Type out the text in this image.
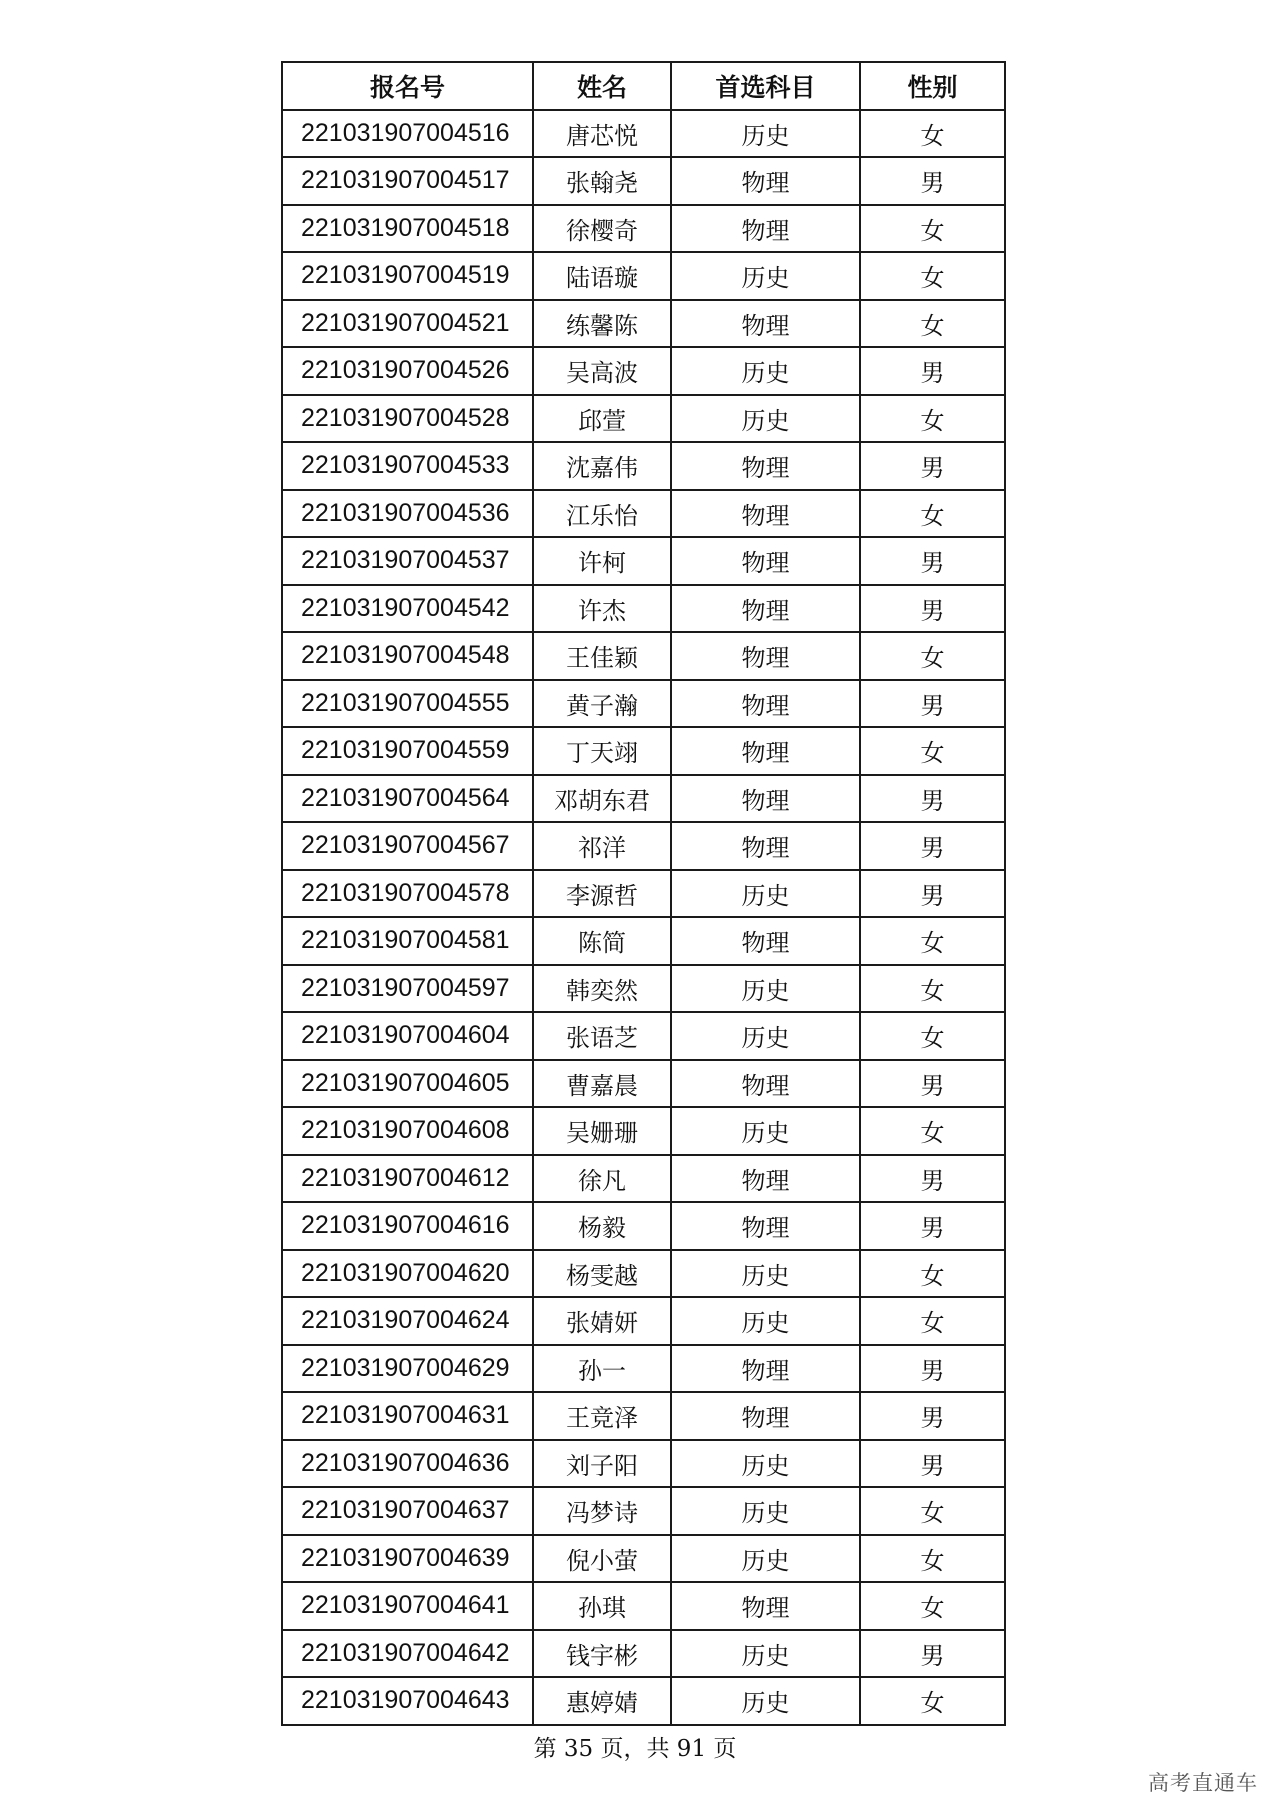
报名号	姓名	首选科目	性别
221031907004516	唐芯悦	历史	女
221031907004517	张翰尧	物理	男
221031907004518	徐樱奇	物理	女
221031907004519	陆语璇	历史	女
221031907004521	练馨陈	物理	女
221031907004526	吴高波	历史	男
221031907004528	邱萱	历史	女
221031907004533	沈嘉伟	物理	男
221031907004536	江乐怡	物理	女
221031907004537	许柯	物理	男
221031907004542	许杰	物理	男
221031907004548	王佳颖	物理	女
221031907004555	黄子瀚	物理	男
221031907004559	丁天翊	物理	女
221031907004564	邓胡东君	物理	男
221031907004567	祁洋	物理	男
221031907004578	李源哲	历史	男
221031907004581	陈简	物理	女
221031907004597	韩奕然	历史	女
221031907004604	张语芝	历史	女
221031907004605	曹嘉晨	物理	男
221031907004608	吴姗珊	历史	女
221031907004612	徐凡	物理	男
221031907004616	杨毅	物理	男
221031907004620	杨雯越	历史	女
221031907004624	张婧妍	历史	女
221031907004629	孙一	物理	男
221031907004631	王竞泽	物理	男
221031907004636	刘子阳	历史	男
221031907004637	冯梦诗	历史	女
221031907004639	倪小萤	历史	女
221031907004641	孙琪	物理	女
221031907004642	钱宇彬	历史	男
221031907004643	惠婷婧	历史	女
第 35 页，共 91 页
高考直通车
